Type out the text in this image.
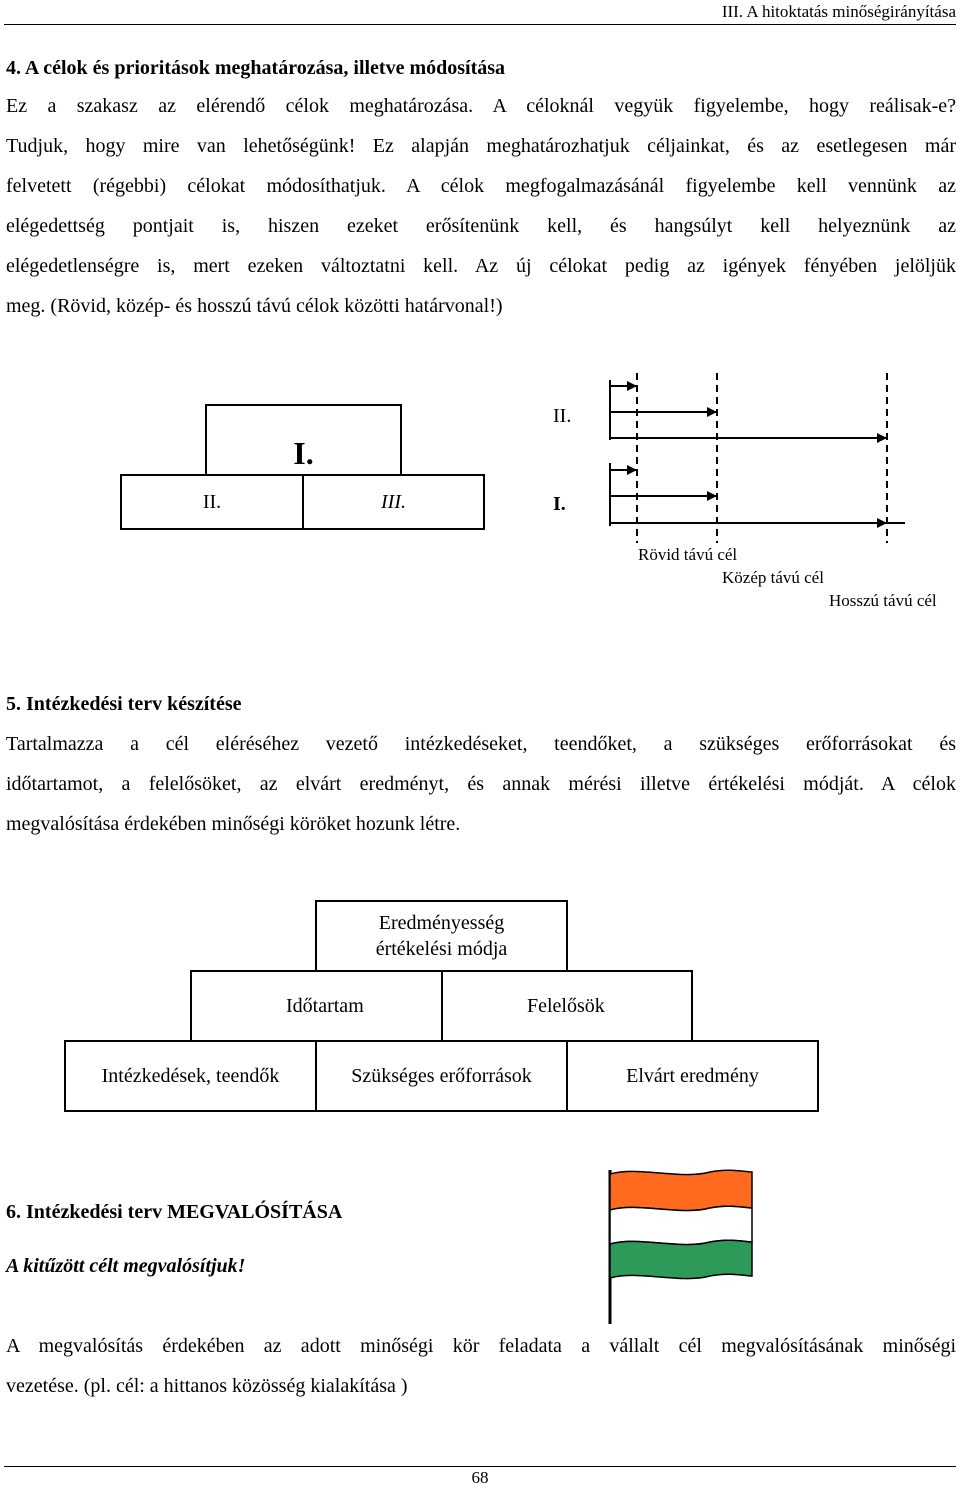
III. A hitoktatás minőségirányítása
4. A célok és prioritások meghatározása, illetve módosítása
Ez a szakasz az elérendő célok meghatározása. A céloknál vegyük figyelembe, hogy reálisak-e?
Tudjuk, hogy mire van lehetőségünk! Ez alapján meghatározhatjuk céljainkat, és az esetlegesen már
felvetett (régebbi) célokat módosíthatjuk. A célok megfogalmazásánál figyelembe kell vennünk az
elégedettség pontjait is, hiszen ezeket erősítenünk kell, és hangsúlyt kell helyeznünk az
elégedetlenségre is, mert ezeken változtatni kell. Az új célokat pedig az igények fényében jelöljük
meg. (Rövid, közép- és hosszú távú célok közötti határvonal!)
I.
II.	III.
II.
I.
Rövid távú cél
Közép távú cél
Hosszú távú cél
5. Intézkedési terv készítése
Tartalmazza a cél eléréséhez vezető intézkedéseket, teendőket, a szükséges erőforrásokat és
időtartamot, a felelősöket, az elvárt eredményt, és annak mérési illetve értékelési módját. A célok
megvalósítása érdekében minőségi köröket hozunk létre.
Eredményesség
értékelési módja
Időtartam	Felelősök
Intézkedések, teendők	Szükséges erőforrások	Elvárt eredmény
6. Intézkedési terv MEGVALÓSÍTÁSA
A kitűzött célt megvalósítjuk!
A megvalósítás érdekében az adott minőségi kör feladata a vállalt cél megvalósításának minőségi
vezetése. (pl. cél: a hittanos közösség kialakítása )
68
